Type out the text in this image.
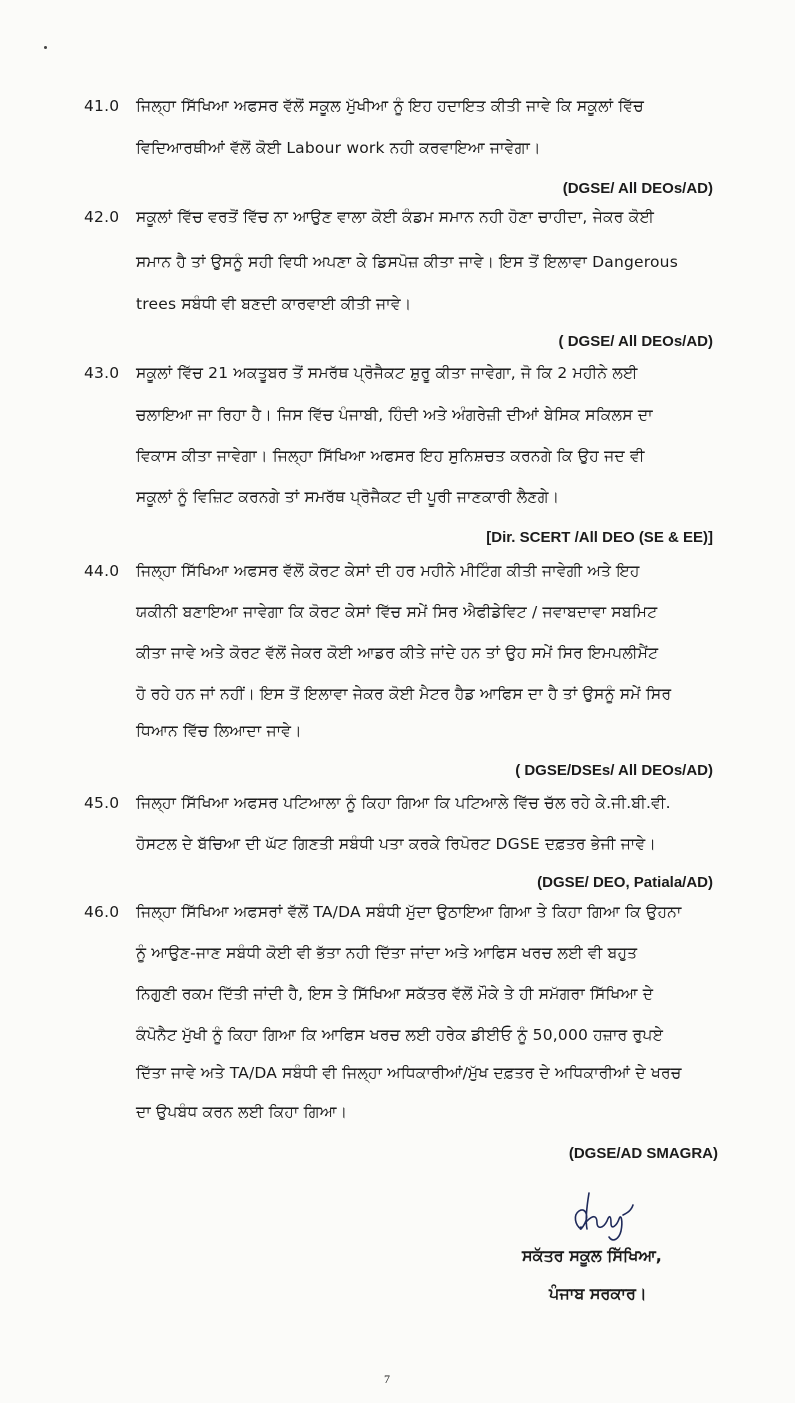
41.0 ਜਿਲ੍ਹਾ ਸਿੱਖਿਆ ਅਫਸਰ ਵੱਲੋਂ ਸਕੂਲ ਮੁੱਖੀਆ ਨੂੰ ਇਹ ਹਦਾਇਤ ਕੀਤੀ ਜਾਵੇ ਕਿ ਸਕੂਲਾਂ ਵਿੱਚ
ਵਿਦਿਆਰਥੀਆਂ ਵੱਲੋਂ ਕੋਈ Labour work ਨਹੀ ਕਰਵਾਇਆ ਜਾਵੇਗਾ।
(DGSE/ All DEOs/AD)
42.0 ਸਕੂਲਾਂ ਵਿੱਚ ਵਰਤੋਂ ਵਿੱਚ ਨਾ ਆਉਣ ਵਾਲਾ ਕੋਈ ਕੰਡਮ ਸਮਾਨ ਨਹੀ ਹੋਣਾ ਚਾਹੀਦਾ, ਜੇਕਰ ਕੋਈ
ਸਮਾਨ ਹੈ ਤਾਂ ਉਸਨੂੰ ਸਹੀ ਵਿਧੀ ਅਪਣਾ ਕੇ ਡਿਸਪੋਜ਼ ਕੀਤਾ ਜਾਵੇ। ਇਸ ਤੋਂ ਇਲਾਵਾ Dangerous
trees ਸਬੰਧੀ ਵੀ ਬਣਦੀ ਕਾਰਵਾਈ ਕੀਤੀ ਜਾਵੇ।
( DGSE/ All DEOs/AD)
43.0 ਸਕੂਲਾਂ ਵਿੱਚ 21 ਅਕਤੂਬਰ ਤੋਂ ਸਮਰੱਥ ਪ੍ਰੋਜੈਕਟ ਸ਼ੁਰੂ ਕੀਤਾ ਜਾਵੇਗਾ, ਜੋ ਕਿ 2 ਮਹੀਨੇ ਲਈ
ਚਲਾਇਆ ਜਾ ਰਿਹਾ ਹੈ। ਜਿਸ ਵਿੱਚ ਪੰਜਾਬੀ, ਹਿੰਦੀ ਅਤੇ ਅੰਗਰੇਜ਼ੀ ਦੀਆਂ ਬੇਸਿਕ ਸਕਿਲਸ ਦਾ
ਵਿਕਾਸ ਕੀਤਾ ਜਾਵੇਗਾ। ਜਿਲ੍ਹਾ ਸਿੱਖਿਆ ਅਫਸਰ ਇਹ ਸੁਨਿਸ਼ਚਤ ਕਰਨਗੇ ਕਿ ਉਹ ਜਦ ਵੀ
ਸਕੂਲਾਂ ਨੂੰ ਵਿਜ਼ਿਟ ਕਰਨਗੇ ਤਾਂ ਸਮਰੱਥ ਪ੍ਰੋਜੈਕਟ ਦੀ ਪੂਰੀ ਜਾਣਕਾਰੀ ਲੈਣਗੇ।
[Dir. SCERT /All DEO (SE & EE)]
44.0 ਜਿਲ੍ਹਾ ਸਿੱਖਿਆ ਅਫਸਰ ਵੱਲੋਂ ਕੋਰਟ ਕੇਸਾਂ ਦੀ ਹਰ ਮਹੀਨੇ ਮੀਟਿੰਗ ਕੀਤੀ ਜਾਵੇਗੀ ਅਤੇ ਇਹ
ਯਕੀਨੀ ਬਣਾਇਆ ਜਾਵੇਗਾ ਕਿ ਕੋਰਟ ਕੇਸਾਂ ਵਿੱਚ ਸਮੇਂ ਸਿਰ ਐਫੀਡੇਵਿਟ / ਜਵਾਬਦਾਵਾ ਸਬਮਿਟ
ਕੀਤਾ ਜਾਵੇ ਅਤੇ ਕੋਰਟ ਵੱਲੋਂ ਜੇਕਰ ਕੋਈ ਆਡਰ ਕੀਤੇ ਜਾਂਦੇ ਹਨ ਤਾਂ ਉਹ ਸਮੇਂ ਸਿਰ ਇਮਪਲੀਮੈਂਟ
ਹੋ ਰਹੇ ਹਨ ਜਾਂ ਨਹੀਂ। ਇਸ ਤੋਂ ਇਲਾਵਾ ਜੇਕਰ ਕੋਈ ਮੈਟਰ ਹੈਡ ਆਫਿਸ ਦਾ ਹੈ ਤਾਂ ਉਸਨੂੰ ਸਮੇਂ ਸਿਰ
ਧਿਆਨ ਵਿੱਚ ਲਿਆਦਾ ਜਾਵੇ।
( DGSE/DSEs/ All DEOs/AD)
45.0 ਜਿਲ੍ਹਾ ਸਿੱਖਿਆ ਅਫਸਰ ਪਟਿਆਲਾ ਨੂੰ ਕਿਹਾ ਗਿਆ ਕਿ ਪਟਿਆਲੇ ਵਿੱਚ ਚੱਲ ਰਹੇ ਕੇ.ਜੀ.ਬੀ.ਵੀ.
ਹੋਸਟਲ ਦੇ ਬੱਚਿਆ ਦੀ ਘੱਟ ਗਿਣਤੀ ਸਬੰਧੀ ਪਤਾ ਕਰਕੇ ਰਿਪੋਰਟ DGSE ਦਫ਼ਤਰ ਭੇਜੀ ਜਾਵੇ।
(DGSE/ DEO, Patiala/AD)
46.0 ਜਿਲ੍ਹਾ ਸਿੱਖਿਆ ਅਫਸਰਾਂ ਵੱਲੋਂ TA/DA ਸਬੰਧੀ ਮੁੱਦਾ ਉਠਾਇਆ ਗਿਆ ਤੇ ਕਿਹਾ ਗਿਆ ਕਿ ਉਹਨਾ
ਨੂੰ ਆਉਣ-ਜਾਣ ਸਬੰਧੀ ਕੋਈ ਵੀ ਭੱਤਾ ਨਹੀ ਦਿੱਤਾ ਜਾਂਦਾ ਅਤੇ ਆਫਿਸ ਖਰਚ ਲਈ ਵੀ ਬਹੁਤ
ਨਿਗੁਣੀ ਰਕਮ ਦਿੱਤੀ ਜਾਂਦੀ ਹੈ, ਇਸ ਤੇ ਸਿੱਖਿਆ ਸਕੱਤਰ ਵੱਲੋਂ ਮੌਕੇ ਤੇ ਹੀ ਸਮੱਗਰਾ ਸਿੱਖਿਆ ਦੇ
ਕੰਪੋਨੈਟ ਮੁੱਖੀ ਨੂੰ ਕਿਹਾ ਗਿਆ ਕਿ ਆਫਿਸ ਖਰਚ ਲਈ ਹਰੇਕ ਡੀਈਓ ਨੂੰ 50,000 ਹਜ਼ਾਰ ਰੁਪਏ
ਦਿੱਤਾ ਜਾਵੇ ਅਤੇ TA/DA ਸਬੰਧੀ ਵੀ ਜਿਲ੍ਹਾ ਅਧਿਕਾਰੀਆਂ/ਮੁੱਖ ਦਫ਼ਤਰ ਦੇ ਅਧਿਕਾਰੀਆਂ ਦੇ ਖਰਚ
ਦਾ ਉਪਬੰਧ ਕਰਨ ਲਈ ਕਿਹਾ ਗਿਆ।
(DGSE/AD SMAGRA)
ਸਕੱਤਰ ਸਕੂਲ ਸਿੱਖਿਆ,
ਪੰਜਾਬ ਸਰਕਾਰ।
7
